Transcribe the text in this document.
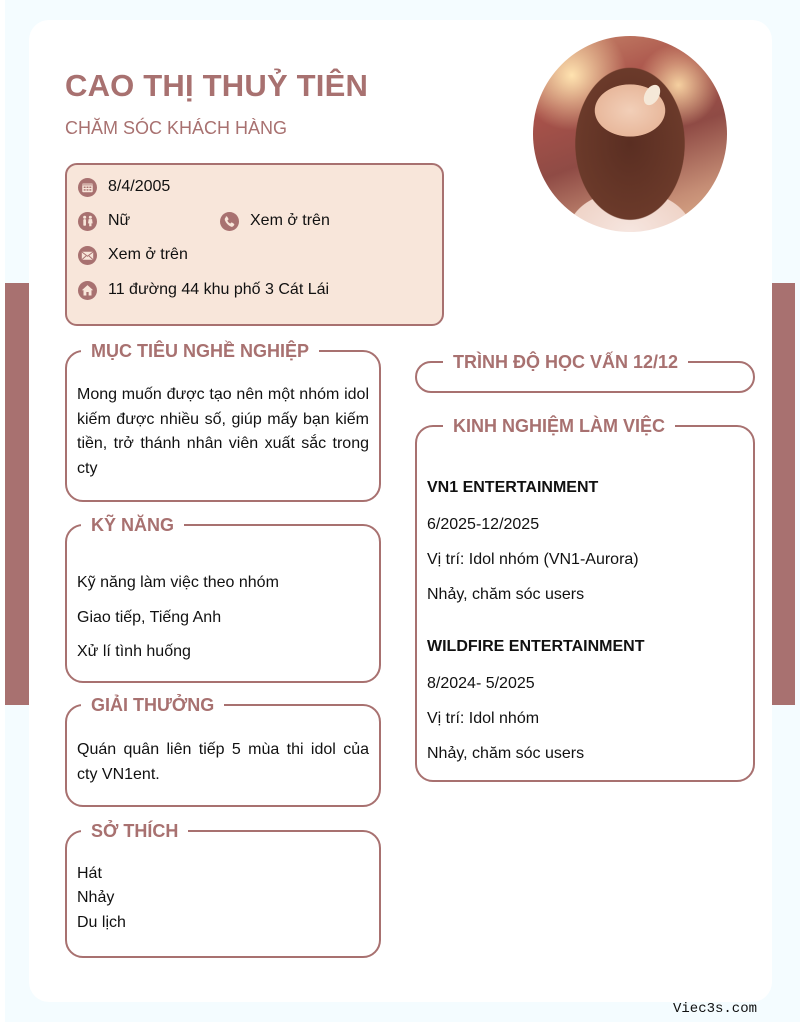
CAO THỊ THUỶ TIÊN
CHĂM SÓC KHÁCH HÀNG
8/4/2005
Nữ	Xem ở trên
Xem ở trên
11 đường 44 khu phố 3 Cát Lái
MỤC TIÊU NGHỀ NGHIỆP
Mong muốn được tạo nên một nhóm idol kiếm được nhiều số, giúp mấy bạn kiếm tiền, trở thánh nhân viên xuất sắc trong cty
KỸ NĂNG
Kỹ năng làm việc theo nhóm
Giao tiếp, Tiếng Anh
Xử lí tình huống
GIẢI THƯỞNG
Quán quân liên tiếp 5 mùa thi idol của cty VN1ent.
SỞ THÍCH
Hát
Nhảy
Du lịch
TRÌNH ĐỘ HỌC VẤN 12/12
KINH NGHIỆM LÀM VIỆC
VN1 ENTERTAINMENT
6/2025-12/2025
Vị trí: Idol nhóm (VN1-Aurora)
Nhảy, chăm sóc users
WILDFIRE ENTERTAINMENT
8/2024- 5/2025
Vị trí: Idol nhóm
Nhảy, chăm sóc users
Viec3s.com
